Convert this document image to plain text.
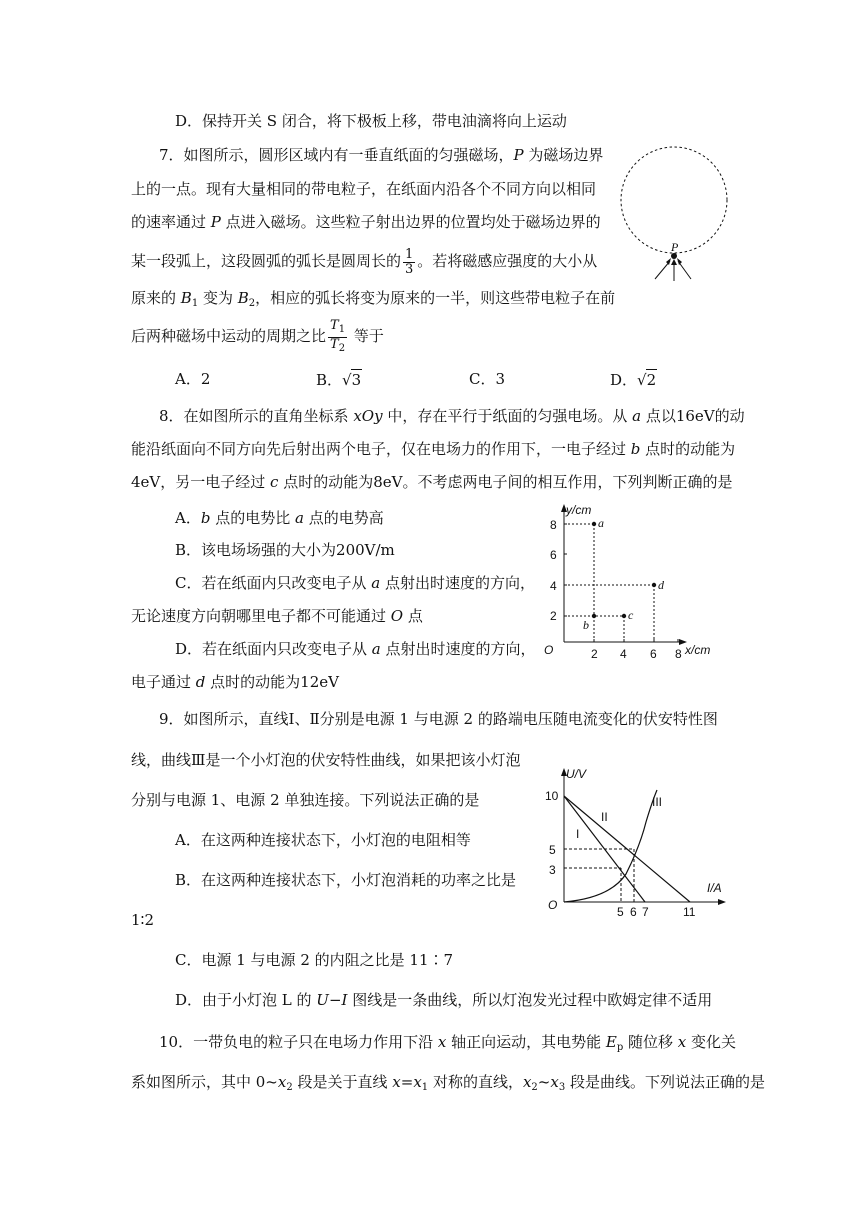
D．保持开关 S 闭合，将下极板上移，带电油滴将向上运动
7．如图所示，圆形区域内有一垂直纸面的匀强磁场，P 为磁场边界
上的一点。现有大量相同的带电粒子，在纸面内沿各个不同方向以相同
的速率通过 P 点进入磁场。这些粒子射出边界的位置均处于磁场边界的
某一段弧上，这段圆弧的弧长是圆周长的 $\frac{1}{3}$ 。若将磁感应强度的大小从
原来的 $B_1$ 变为 $B_2$，相应的弧长将变为原来的一半，则这些带电粒子在前
后两种磁场中运动的周期之比 $\frac{T_1}{T_2}$ 等于
A．2	B．√3	C．3	D．√2
P
8．在如图所示的直角坐标系 xOy 中，存在平行于纸面的匀强电场。从 a 点以16eV的动
能沿纸面向不同方向先后射出两个电子，仅在电场力的作用下，一电子经过 b 点时的动能为
4eV，另一电子经过 c 点时的动能为8eV。不考虑两电子间的相互作用，下列判断正确的是
A．b 点的电势比 a 点的电势高
B．该电场场强的大小为200V/m
C．若在纸面内只改变电子从 a 点射出时速度的方向，
无论速度方向朝哪里电子都不可能通过 O 点
D．若在纸面内只改变电子从 a 点射出时速度的方向，
电子通过 d 点时的动能为12eV
y/cm
x/cm
O
8
6
4
2
2 4 6 8
a
b
c
d
9．如图所示，直线Ⅰ、Ⅱ分别是电源 1 与电源 2 的路端电压随电流变化的伏安特性图
线，曲线Ⅲ是一个小灯泡的伏安特性曲线，如果把该小灯泡
分别与电源 1、电源 2 单独连接。下列说法正确的是
A．在这两种连接状态下，小灯泡的电阻相等
B．在这两种连接状态下，小灯泡消耗的功率之比是
1∶2
C．电源 1 与电源 2 的内阻之比是 11∶7
D．由于小灯泡 L 的 U−I 图线是一条曲线，所以灯泡发光过程中欧姆定律不适用
U/V
I/A
O
10
5
3
5 6 7	11
I
II
III
10．一带负电的粒子只在电场力作用下沿 x 轴正向运动，其电势能 $E_p$ 随位移 x 变化关
系如图所示，其中 $0\sim x_2$ 段是关于直线 $x=x_1$ 对称的直线，$x_2\sim x_3$ 段是曲线。下列说法正确的是
